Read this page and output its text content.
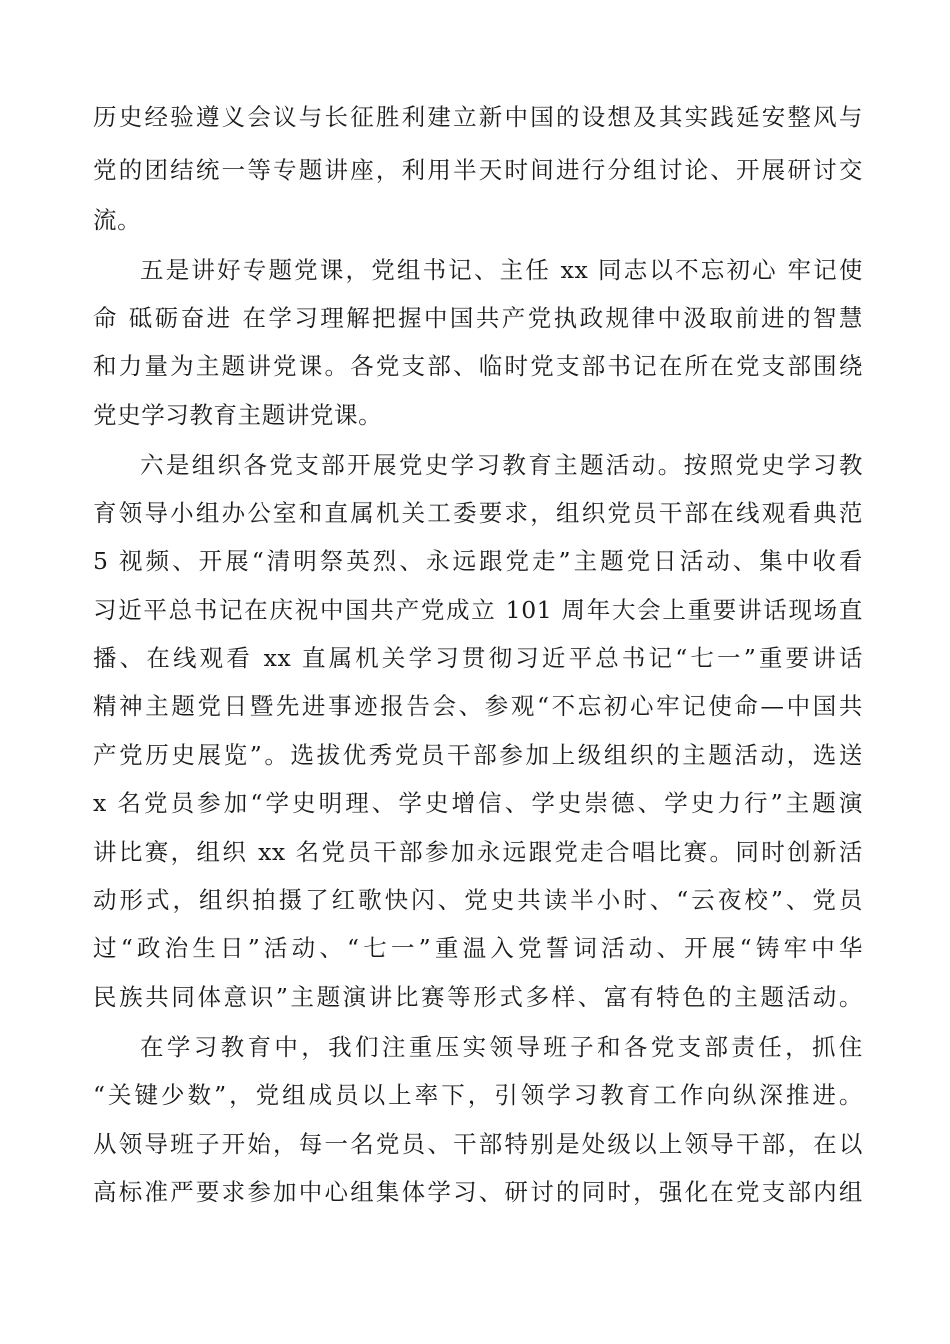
历史经验遵义会议与长征胜利建立新中国的设想及其实践延安整风与
党的团结统一等专题讲座，利用半天时间进行分组讨论、开展研讨交
流。
五是讲好专题党课，党组书记、主任 xx 同志以不忘初心 牢记使
命 砥砺奋进 在学习理解把握中国共产党执政规律中汲取前进的智慧
和力量为主题讲党课。各党支部、临时党支部书记在所在党支部围绕
党史学习教育主题讲党课。
六是组织各党支部开展党史学习教育主题活动。按照党史学习教
育领导小组办公室和直属机关工委要求，组织党员干部在线观看典范
5 视频、开展“清明祭英烈、永远跟党走”主题党日活动、集中收看
习近平总书记在庆祝中国共产党成立 101 周年大会上重要讲话现场直
播、在线观看 xx 直属机关学习贯彻习近平总书记“七一”重要讲话
精神主题党日暨先进事迹报告会、参观“不忘初心牢记使命—中国共
产党历史展览”。选拔优秀党员干部参加上级组织的主题活动，选送
x 名党员参加“学史明理、学史增信、学史崇德、学史力行”主题演
讲比赛，组织 xx 名党员干部参加永远跟党走合唱比赛。同时创新活
动形式，组织拍摄了红歌快闪、党史共读半小时、“云夜校”、党员
过“政治生日”活动、“七一”重温入党誓词活动、开展“铸牢中华
民族共同体意识”主题演讲比赛等形式多样、富有特色的主题活动。
在学习教育中，我们注重压实领导班子和各党支部责任，抓住
“关键少数”，党组成员以上率下，引领学习教育工作向纵深推进。
从领导班子开始，每一名党员、干部特别是处级以上领导干部，在以
高标准严要求参加中心组集体学习、研讨的同时，强化在党支部内组
